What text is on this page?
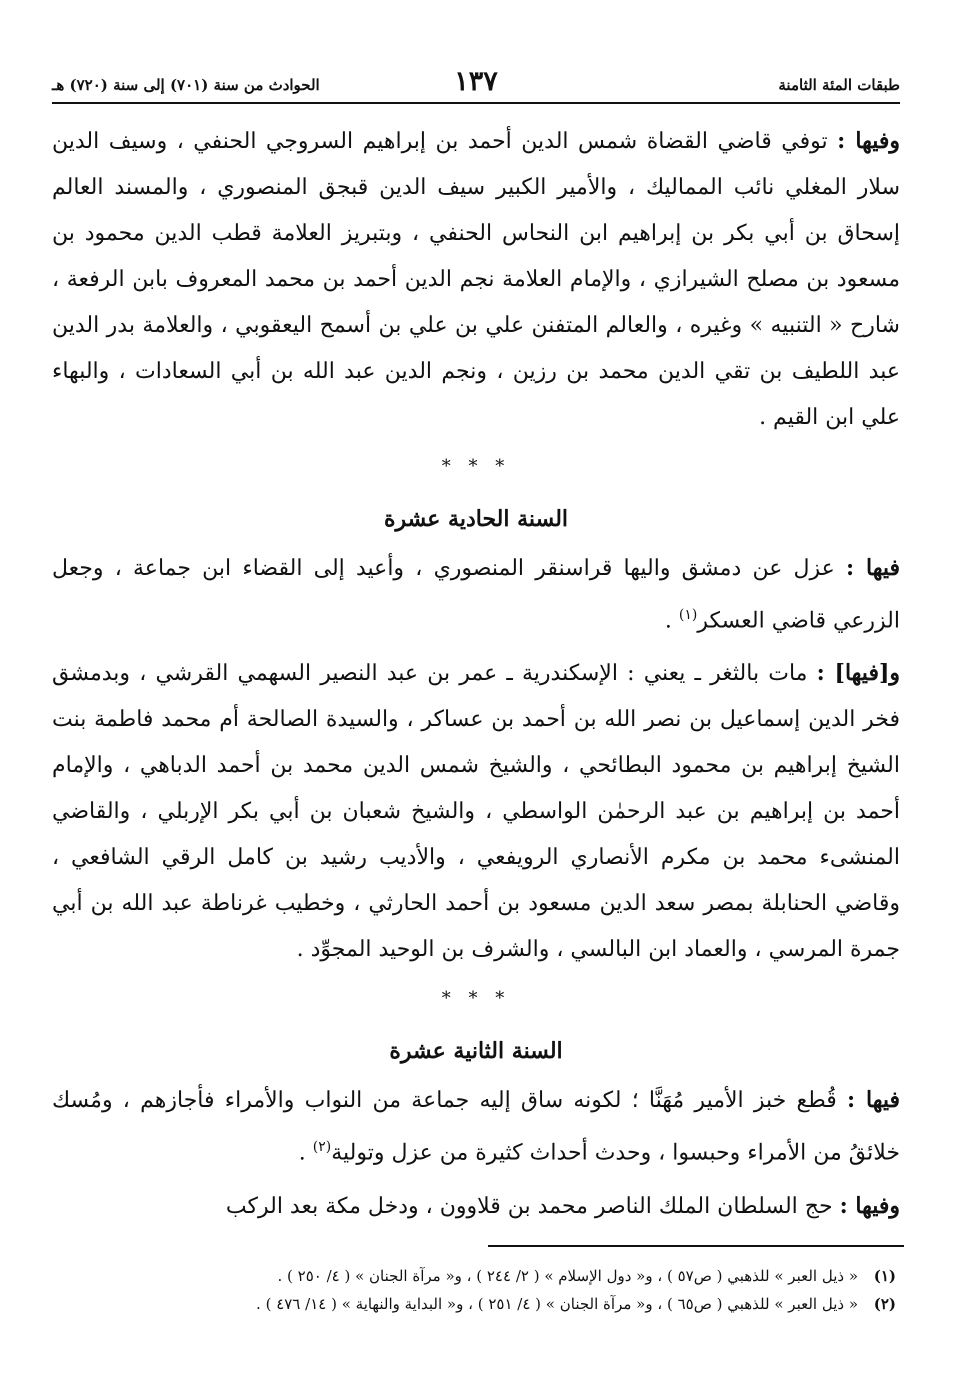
طبقات المئة الثامنة
١٣٧
الحوادث من سنة (٧٠١) إلى سنة (٧٢٠) هـ

وفيها : توفي قاضي القضاة شمس الدين أحمد بن إبراهيم السروجي الحنفي ، وسيف الدين سلار المغلي نائب المماليك ، والأمير الكبير سيف الدين قبجق المنصوري ، والمسند العالم إسحاق بن أبي بكر بن إبراهيم ابن النحاس الحنفي ، وبتبريز العلامة قطب الدين محمود بن مسعود بن مصلح الشيرازي ، والإمام العلامة نجم الدين أحمد بن محمد المعروف بابن الرفعة ، شارح « التنبيه » وغيره ، والعالم المتفنن علي بن علي بن أسمح اليعقوبي ، والعلامة بدر الدين عبد اللطيف بن تقي الدين محمد بن رزين ، ونجم الدين عبد الله بن أبي السعادات ، والبهاء علي ابن القيم .

* * *
السنة الحادية عشرة

فيها : عزل عن دمشق واليها قراسنقر المنصوري ، وأعيد إلى القضاء ابن جماعة ، وجعل الزرعي قاضي العسكر$^{(١)}$ .

و[فيها] : مات بالثغر ـ يعني : الإسكندرية ـ عمر بن عبد النصير السهمي القرشي ، وبدمشق فخر الدين إسماعيل بن نصر الله بن أحمد بن عساكر ، والسيدة الصالحة أم محمد فاطمة بنت الشيخ إبراهيم بن محمود البطائحي ، والشيخ شمس الدين محمد بن أحمد الدباهي ، والإمام أحمد بن إبراهيم بن عبد الرحمٰن الواسطي ، والشيخ شعبان بن أبي بكر الإربلي ، والقاضي المنشىء محمد بن مكرم الأنصاري الرويفعي ، والأديب رشيد بن كامل الرقي الشافعي ، وقاضي الحنابلة بمصر سعد الدين مسعود بن أحمد الحارثي ، وخطيب غرناطة عبد الله بن أبي جمرة المرسي ، والعماد ابن البالسي ، والشرف بن الوحيد المجوِّد .

* * *
السنة الثانية عشرة

فيها : قُطع خبز الأمير مُهَنَّا ؛ لكونه ساق إليه جماعة من النواب والأمراء فأجازهم ، ومُسك خلائقُ من الأمراء وحبسوا ، وحدث أحداث كثيرة من عزل وتولية$^{(٢)}$ .

وفيها : حج السلطان الملك الناصر محمد بن قلاوون ، ودخل مكة بعد الركب

(١)« ذيل العبر » للذهبي ( ص٥٧ ) ، و« دول الإسلام » ( ٢/ ٢٤٤ ) ، و« مرآة الجنان » ( ٤/ ٢٥٠ ) .
(٢)« ذيل العبر » للذهبي ( ص٦٥ ) ، و« مرآة الجنان » ( ٤/ ٢٥١ ) ، و« البداية والنهاية » ( ١٤/ ٤٧٦ ) .
